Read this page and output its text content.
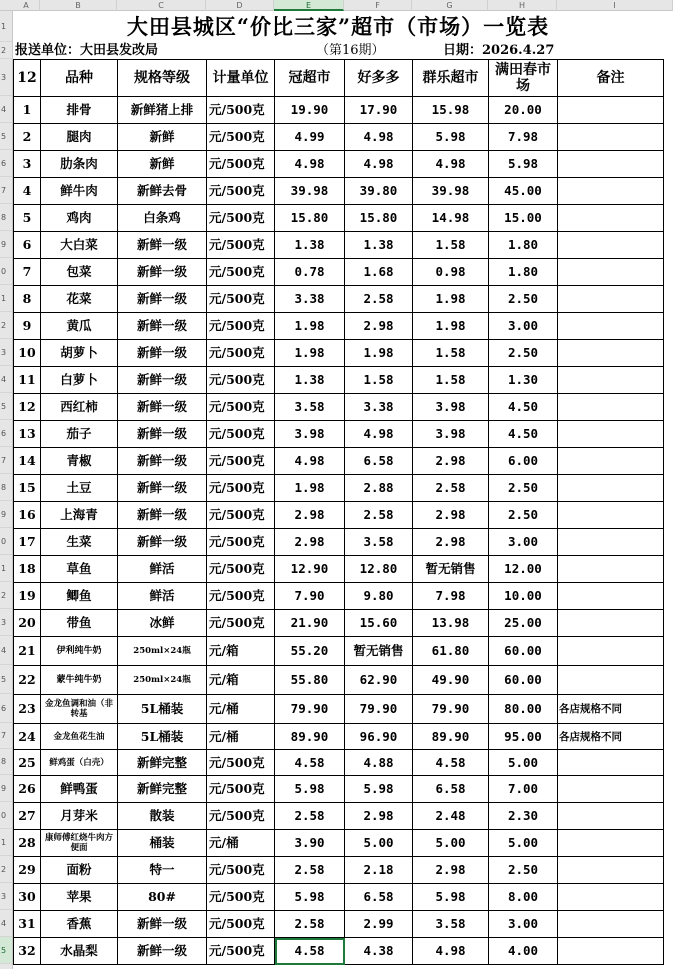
A	B	C	D	E	F	G	H	I
1
2
3
4
5
6
7
8
9
0
1
2
3
4
5
6
7
8
9
0
1
2
3
4
5
6
7
8
9
0
1
2
3
4
5
大田县城区“价比三家”超市（市场）一览表
报送单位：大田县发改局	（第16期）	日期：2026.4.27
12	品种	规格等级	计量单位	冠超市	好多多	群乐超市	满田春市场	备注
1	排骨	新鲜猪上排	元/500克	19.90	17.90	15.98	20.00	
2	腿肉	新鲜	元/500克	4.99	4.98	5.98	7.98	
3	肋条肉	新鲜	元/500克	4.98	4.98	4.98	5.98	
4	鲜牛肉	新鲜去骨	元/500克	39.98	39.80	39.98	45.00	
5	鸡肉	白条鸡	元/500克	15.80	15.80	14.98	15.00	
6	大白菜	新鲜一级	元/500克	1.38	1.38	1.58	1.80	
7	包菜	新鲜一级	元/500克	0.78	1.68	0.98	1.80	
8	花菜	新鲜一级	元/500克	3.38	2.58	1.98	2.50	
9	黄瓜	新鲜一级	元/500克	1.98	2.98	1.98	3.00	
10	胡萝卜	新鲜一级	元/500克	1.98	1.98	1.58	2.50	
11	白萝卜	新鲜一级	元/500克	1.38	1.58	1.58	1.30	
12	西红柿	新鲜一级	元/500克	3.58	3.38	3.98	4.50	
13	茄子	新鲜一级	元/500克	3.98	4.98	3.98	4.50	
14	青椒	新鲜一级	元/500克	4.98	6.58	2.98	6.00	
15	土豆	新鲜一级	元/500克	1.98	2.88	2.58	2.50	
16	上海青	新鲜一级	元/500克	2.98	2.58	2.98	2.50	
17	生菜	新鲜一级	元/500克	2.98	3.58	2.98	3.00	
18	草鱼	鲜活	元/500克	12.90	12.80	暂无销售	12.00	
19	鲫鱼	鲜活	元/500克	7.90	9.80	7.98	10.00	
20	带鱼	冰鲜	元/500克	21.90	15.60	13.98	25.00	
21	伊利纯牛奶	250ml×24瓶	元/箱	55.20	暂无销售	61.80	60.00	
22	蒙牛纯牛奶	250ml×24瓶	元/箱	55.80	62.90	49.90	60.00	
23	金龙鱼调和油（非转基	5L桶装	元/桶	79.90	79.90	79.90	80.00	各店规格不同
24	金龙鱼花生油	5L桶装	元/桶	89.90	96.90	89.90	95.00	各店规格不同
25	鲜鸡蛋（白壳）	新鲜完整	元/500克	4.58	4.88	4.58	5.00	
26	鲜鸭蛋	新鲜完整	元/500克	5.98	5.98	6.58	7.00	
27	月芽米	散装	元/500克	2.58	2.98	2.48	2.30	
28	康师傅红烧牛肉方便面	桶装	元/桶	3.90	5.00	5.00	5.00	
29	面粉	特一	元/500克	2.58	2.18	2.98	2.50	
30	苹果	80#	元/500克	5.98	6.58	5.98	8.00	
31	香蕉	新鲜一级	元/500克	2.58	2.99	3.58	3.00	
32	水晶梨	新鲜一级	元/500克	4.58	4.38	4.98	4.00	
